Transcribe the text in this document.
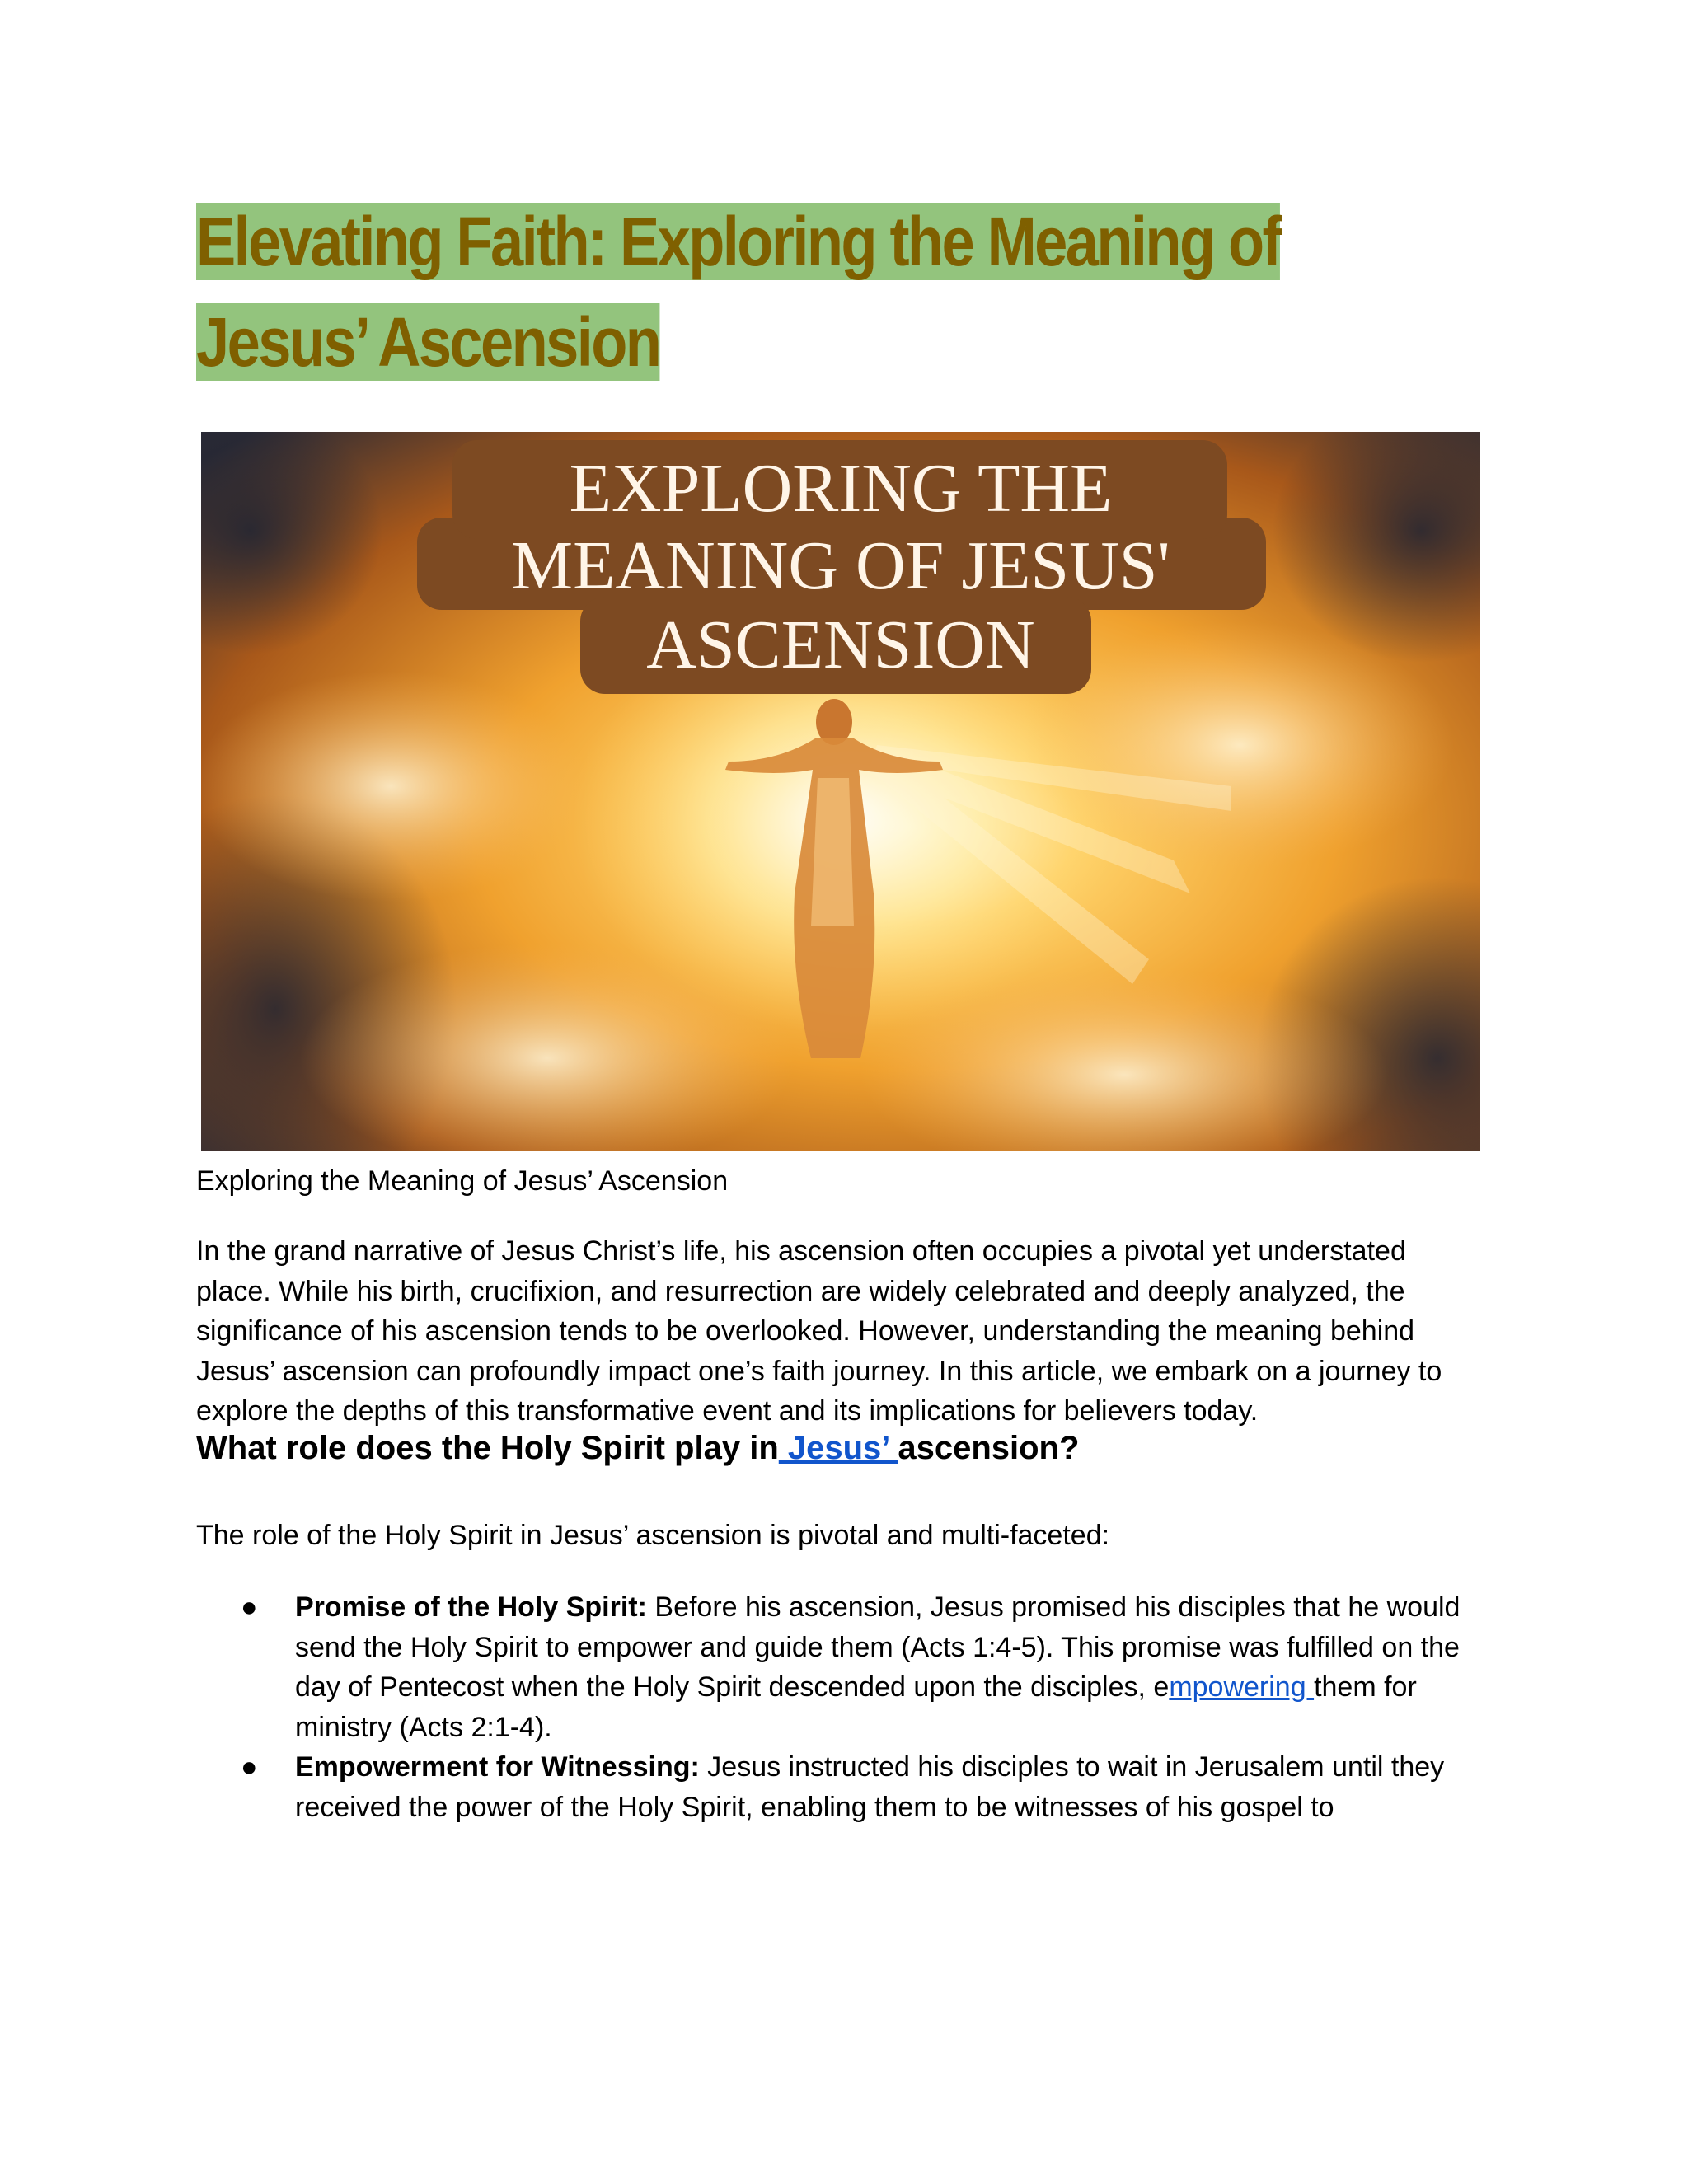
Elevating Faith: Exploring the Meaning of
Jesus’ Ascension
EXPLORING THE
MEANING OF JESUS'
ASCENSION

Exploring the Meaning of Jesus’ Ascension

In the grand narrative of Jesus Christ’s life, his ascension often occupies a pivotal yet understated place. While his birth, crucifixion, and resurrection are widely celebrated and deeply analyzed, the significance of his ascension tends to be overlooked. However, understanding the meaning behind Jesus’ ascension can profoundly impact one’s faith journey. In this article, we embark on a journey to explore the depths of this transformative event and its implications for believers today.

What role does the Holy Spirit play in Jesus’ ascension?

The role of the Holy Spirit in Jesus’ ascension is pivotal and multi-faceted:

● Promise of the Holy Spirit: Before his ascension, Jesus promised his disciples that he would send the Holy Spirit to empower and guide them (Acts 1:4-5). This promise was fulfilled on the day of Pentecost when the Holy Spirit descended upon the disciples, empowering them for ministry (Acts 2:1-4).
● Empowerment for Witnessing: Jesus instructed his disciples to wait in Jerusalem until they received the power of the Holy Spirit, enabling them to be witnesses of his gospel to
